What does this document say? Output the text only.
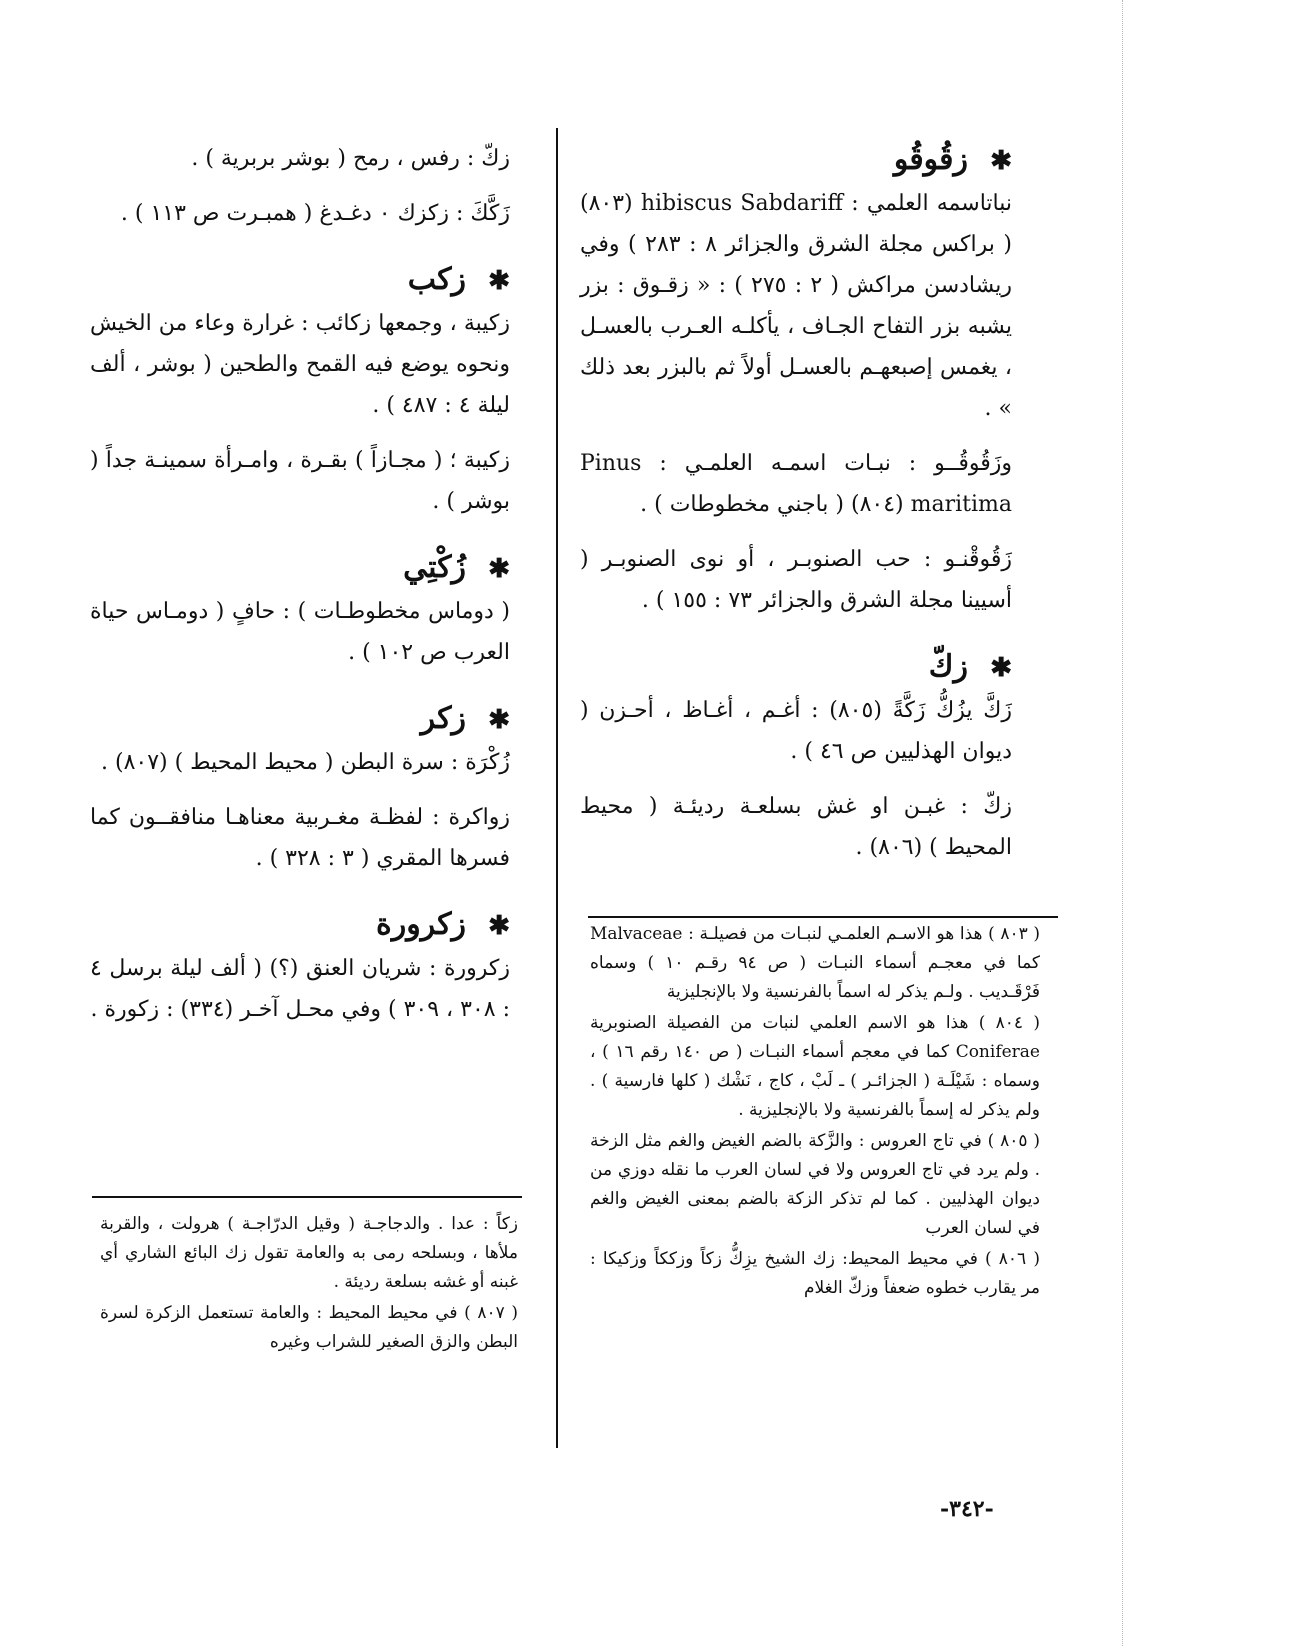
✱زقُوقُو

نباتاسمه العلمي : hibiscus Sabdariff (٨٠٣) ( براكس مجلة الشرق والجزائر ٨ : ٢٨٣ ) وفي ريشادسن مراكش ( ٢ : ٢٧٥ ) : « زقـوق : بزر يشبه بزر التفاح الجـاف ، يأكلـه العـرب بالعسـل ، يغمس إصبعهـم بالعسـل أولاً ثم بالبزر بعد ذلك » .

وزَقُوقُــو : نبـات اسمـه العلمـي : Pinus maritima (٨٠٤) ( باجني مخطوطات ) .

زَقُوقْنـو : حب الصنوبـر ، أو نوى الصنوبـر ( أسيينا مجلة الشرق والجزائر ٧٣ : ١٥٥ ) .

✱زكّ

زَكَّ يزُكُّ زَكَّةً (٨٠٥) : أغـم ، أغـاظ ، أحـزن ( ديوان الهذليين ص ٤٦ ) .

زكّ : غبـن او غش بسلعـة رديئـة ( محيط المحيط ) (٨٠٦) .

زكّ : رفس ، رمح ( بوشر بربرية ) .

زَكَّكَ : زكزك ٠ دغـدغ ( همبـرت ص ١١٣ ) .

✱زكب

زكيبة ، وجمعها زكائب : غرارة وعاء من الخيش ونحوه يوضع فيه القمح والطحين ( بوشر ، ألف ليلة ٤ : ٤٨٧ ) .

زكيبة ؛ ( مجـازاً ) بقـرة ، وامـرأة سمينـة جداً ( بوشر ) .

✱زُكْتِي

( دوماس مخطوطـات ) : حافٍ ( دومـاس حياة العرب ص ١٠٢ ) .

✱زكر

زُكْرَة : سرة البطن ( محيط المحيط ) (٨٠٧) .

زواكرة : لفظـة مغـربية معناهـا منافقــون كما فسرها المقري ( ٣ : ٣٢٨ ) .

✱زكرورة

زكرورة : شريان العنق (؟) ( ألف ليلة برسل ٤ : ٣٠٨ ، ٣٠٩ ) وفي محـل آخـر (٣٣٤) : زكورة .

( ٨٠٣ ) هذا هو الاسـم العلمـي لنبـات من فصيلـة : Malvaceae كما في معجـم أسماء النبـات ( ص ٩٤ رقـم ١٠ ) وسماه فَرْقَـديب . ولـم يذكر له اسماً بالفرنسية ولا بالإنجليزية

( ٨٠٤ ) هذا هو الاسم العلمي لنبات من الفصيلة الصنوبرية Coniferae كما في معجم أسماء النبـات ( ص ١٤٠ رقم ١٦ ) ، وسماه : شَيْلَـة ( الجزائـر ) ـ لَبْ ، كاج ، نَشْك ( كلها فارسية ) . ولم يذكر له إسماً بالفرنسية ولا بالإنجليزية .

( ٨٠٥ ) في تاج العروس : والزَّكة بالضم الغيض والغم مثل الزخة . ولم يرد في تاج العروس ولا في لسان العرب ما نقله دوزي من ديوان الهذليين . كما لم تذكر الزكة بالضم بمعنى الغيض والغم في لسان العرب

( ٨٠٦ ) في محيط المحيط: زك الشيخ يزِكُّ زكاً وزككاً وزكيكا : مر يقارب خطوه ضعفاً وزكّ الغلام

زكاًَ : عدا . والدجاجـة ( وقيل الدرّاجـة ) هرولت ، والقربة ملأها ، وبسلحه رمى به والعامة تقول زك البائع الشاري أي غبنه أو غشه بسلعة رديئة .

( ٨٠٧ ) في محيط المحيط : والعامة تستعمل الزكرة لسرة البطن والزق الصغير للشراب وغيره

-٣٤٢-
